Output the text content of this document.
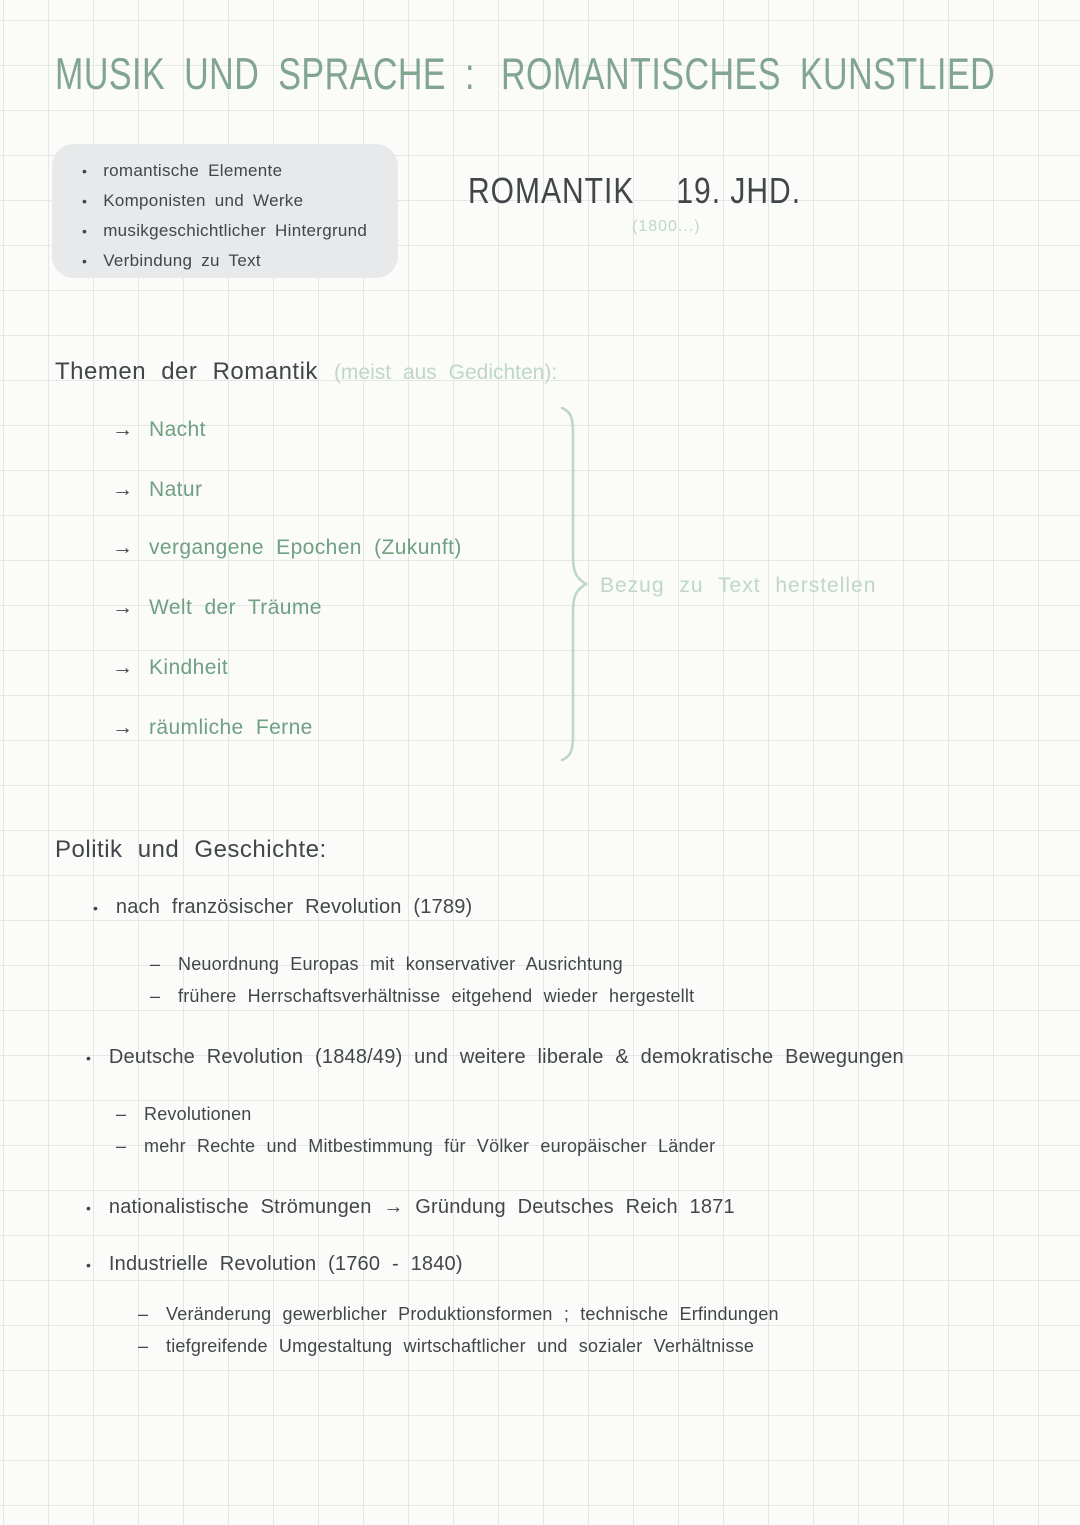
MUSIK UND SPRACHE : ROMANTISCHES KUNSTLIED
• romantische Elemente
• Komponisten und Werke
• musikgeschichtlicher Hintergrund
• Verbindung zu Text
ROMANTIK 19. JHD.
(1800...)
Themen der Romantik (meist aus Gedichten):
→ Nacht
→ Natur
→ vergangene Epochen (Zukunft)
→ Welt der Träume
→ Kindheit
→ räumliche Ferne
Bezug zu Text herstellen
Politik und Geschichte:
• nach französischer Revolution (1789)
– Neuordnung Europas mit konservativer Ausrichtung
– frühere Herrschaftsverhältnisse eitgehend wieder hergestellt
• Deutsche Revolution (1848/49) und weitere liberale & demokratische Bewegungen
– Revolutionen
– mehr Rechte und Mitbestimmung für Völker europäischer Länder
• nationalistische Strömungen → Gründung Deutsches Reich 1871
• Industrielle Revolution (1760 - 1840)
– Veränderung gewerblicher Produktionsformen ; technische Erfindungen
– tiefgreifende Umgestaltung wirtschaftlicher und sozialer Verhältnisse
